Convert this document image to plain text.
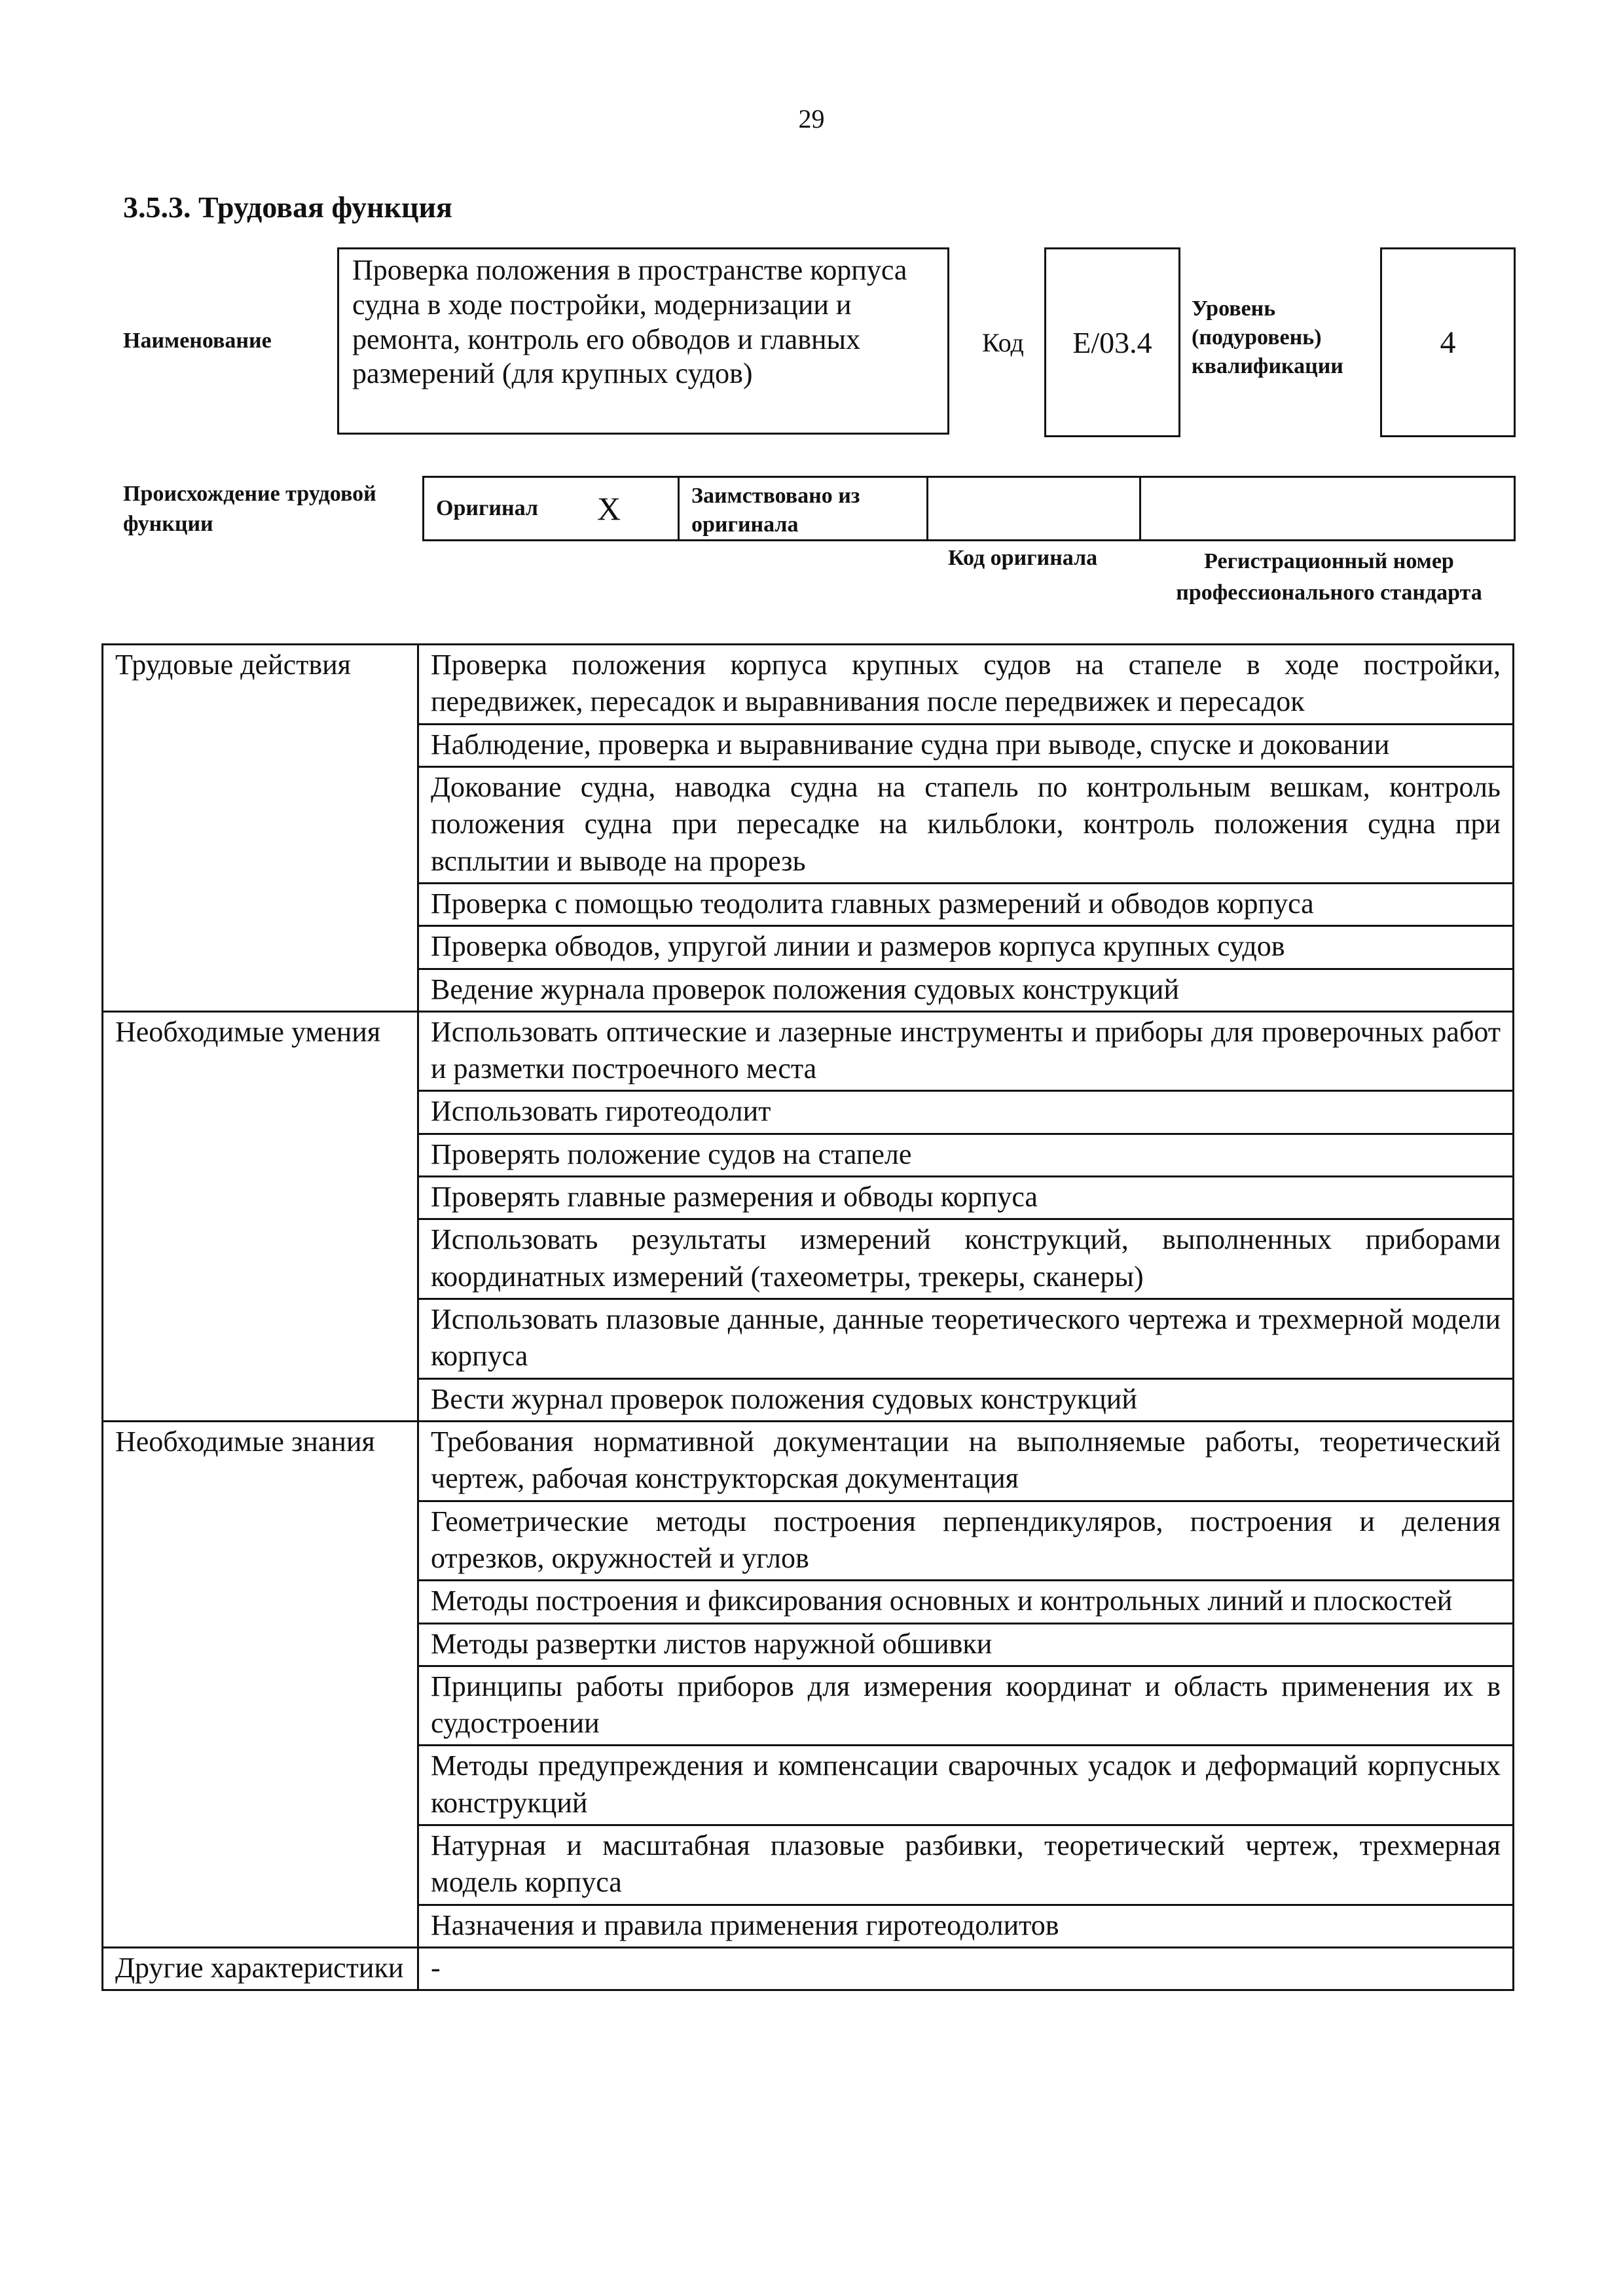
29
3.5.3. Трудовая функция
Наименование
Проверка положения в пространстве корпуса судна в ходе постройки, модернизации и ремонта, контроль его обводов и главных размерений (для крупных судов)
Код	E/03.4
Уровень (подуровень) квалификации
4
Происхождение трудовой функции
Оригинал X	Заимствовано из оригинала
Код оригинала	Регистрационный номер профессионального стандарта
Трудовые действия	Проверка положения корпуса крупных судов на стапеле в ходе постройки, передвижек, пересадок и выравнивания после передвижек и пересадок
	Наблюдение, проверка и выравнивание судна при выводе, спуске и доковании
	Докование судна, наводка судна на стапель по контрольным вешкам, контроль положения судна при пересадке на кильблоки, контроль положения судна при всплытии и выводе на прорезь
	Проверка с помощью теодолита главных размерений и обводов корпуса
	Проверка обводов, упругой линии и размеров корпуса крупных судов
	Ведение журнала проверок положения судовых конструкций
Необходимые умения	Использовать оптические и лазерные инструменты и приборы для проверочных работ и разметки построечного места
	Использовать гиротеодолит
	Проверять положение судов на стапеле
	Проверять главные размерения и обводы корпуса
	Использовать результаты измерений конструкций, выполненных приборами координатных измерений (тахеометры, трекеры, сканеры)
	Использовать плазовые данные, данные теоретического чертежа и трехмерной модели корпуса
	Вести журнал проверок положения судовых конструкций
Необходимые знания	Требования нормативной документации на выполняемые работы, теоретический чертеж, рабочая конструкторская документация
	Геометрические методы построения перпендикуляров, построения и деления отрезков, окружностей и углов
	Методы построения и фиксирования основных и контрольных линий и плоскостей
	Методы развертки листов наружной обшивки
	Принципы работы приборов для измерения координат и область применения их в судостроении
	Методы предупреждения и компенсации сварочных усадок и деформаций корпусных конструкций
	Натурная и масштабная плазовые разбивки, теоретический чертеж, трехмерная модель корпуса
	Назначения и правила применения гиротеодолитов
Другие характеристики	-
